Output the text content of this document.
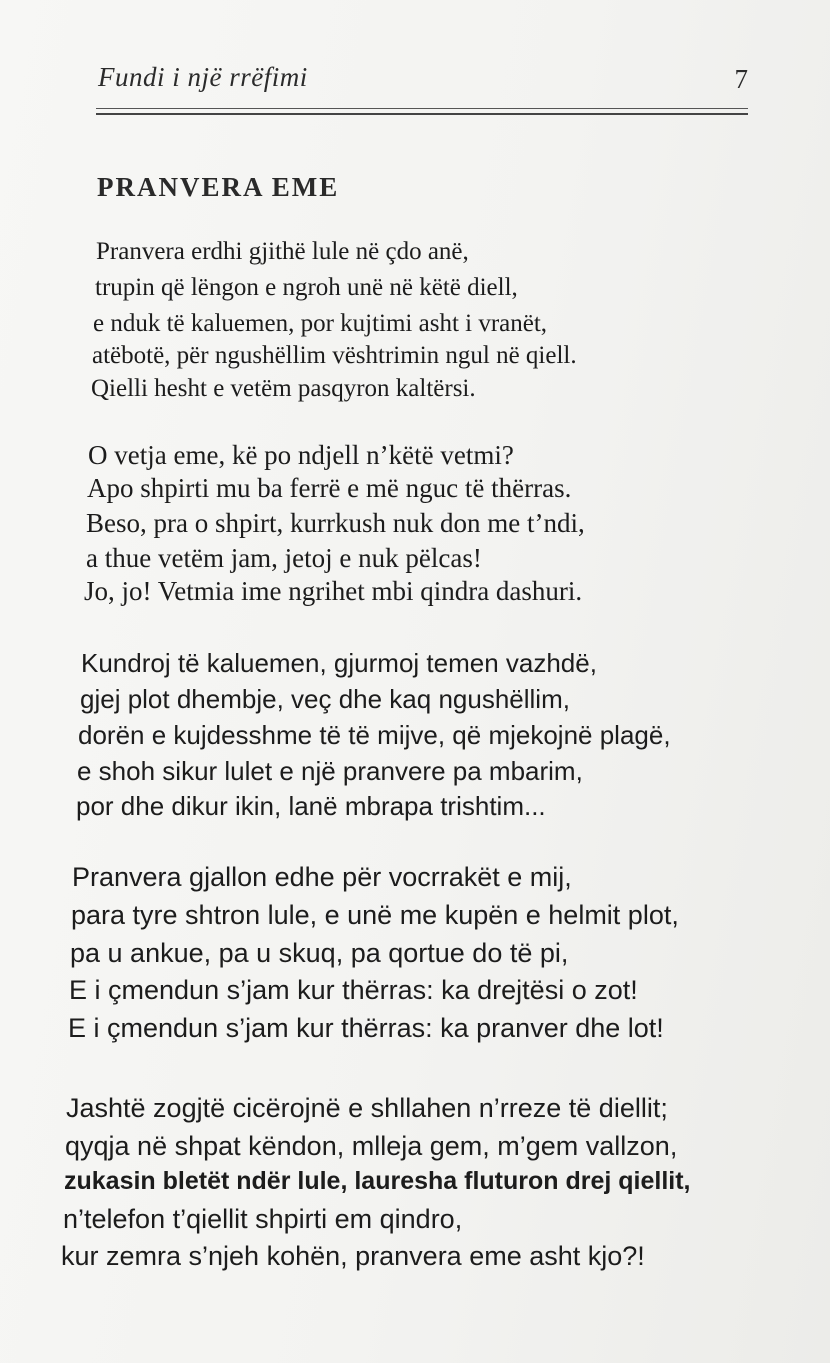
Fundi i një rrëfimi	7
PRANVERA EME
Pranvera erdhi gjithë lule në çdo anë,
trupin që lëngon e ngroh unë në këtë diell,
e nduk të kaluemen, por kujtimi asht i vranët,
atëbotë, për ngushëllim vështrimin ngul në qiell.
Qielli hesht e vetëm pasqyron kaltërsi.
O vetja eme, kë po ndjell n’këtë vetmi?
Apo shpirti mu ba ferrë e më nguc të thërras.
Beso, pra o shpirt, kurrkush nuk don me t’ndi,
a thue vetëm jam, jetoj e nuk pëlcas!
Jo, jo! Vetmia ime ngrihet mbi qindra dashuri.
Kundroj të kaluemen, gjurmoj temen vazhdë,
gjej plot dhembje, veç dhe kaq ngushëllim,
dorën e kujdesshme të të mijve, që mjekojnë plagë,
e shoh sikur lulet e një pranvere pa mbarim,
por dhe dikur ikin, lanë mbrapa trishtim...
Pranvera gjallon edhe për vocrrakët e mij,
para tyre shtron lule, e unë me kupën e helmit plot,
pa u ankue, pa u skuq, pa qortue do të pi,
E i çmendun s’jam kur thërras: ka drejtësi o zot!
E i çmendun s’jam kur thërras: ka pranver dhe lot!
Jashtë zogjtë cicërojnë e shllahen n’rreze të diellit;
qyqja në shpat këndon, mlleja gem, m’gem vallzon,
zukasin bletët ndër lule, lauresha fluturon drej qiellit,
n’telefon t’qiellit shpirti em qindro,
kur zemra s’njeh kohën, pranvera eme asht kjo?!
